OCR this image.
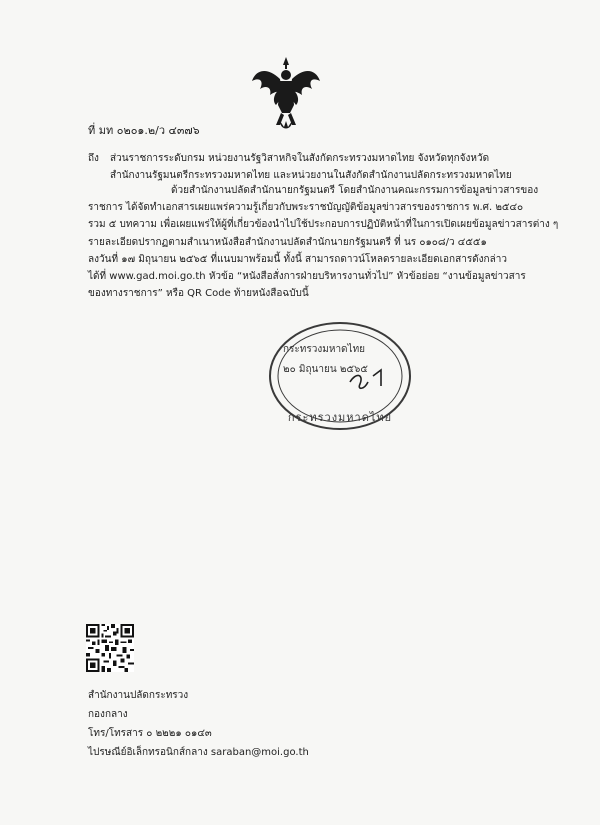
ที่ มท ๐๒๐๑.๒/ว ๔๓๗๖
ถึง ส่วนราชการระดับกรม หน่วยงานรัฐวิสาหกิจในสังกัดกระทรวงมหาดไทย จังหวัดทุกจังหวัด
สำนักงานรัฐมนตรีกระทรวงมหาดไทย และหน่วยงานในสังกัดสำนักงานปลัดกระทรวงมหาดไทย
ด้วยสำนักงานปลัดสำนักนายกรัฐมนตรี โดยสำนักงานคณะกรรมการข้อมูลข่าวสารของ
ราชการ ได้จัดทำเอกสารเผยแพร่ความรู้เกี่ยวกับพระราชบัญญัติข้อมูลข่าวสารของราชการ พ.ศ. ๒๕๔๐
รวม ๕ บทความ เพื่อเผยแพร่ให้ผู้ที่เกี่ยวข้องนำไปใช้ประกอบการปฏิบัติหน้าที่ในการเปิดเผยข้อมูลข่าวสารต่าง ๆ
รายละเอียดปรากฏตามสำเนาหนังสือสำนักงานปลัดสำนักนายกรัฐมนตรี ที่ นร ๐๑๐๘/ว ๔๕๕๑
ลงวันที่ ๑๗ มิถุนายน ๒๕๖๕ ที่แนบมาพร้อมนี้ ทั้งนี้ สามารถดาวน์โหลดรายละเอียดเอกสารดังกล่าว
ได้ที่ www.gad.moi.go.th หัวข้อ “หนังสือสั่งการฝ่ายบริหารงานทั่วไป” หัวข้อย่อย “งานข้อมูลข่าวสาร
ของทางราชการ” หรือ QR Code ท้ายหนังสือฉบับนี้
กระทรวงมหาดไทย
กระทรวงมหาดไทย
๒๐ มิถุนายน ๒๕๖๕
สำนักงานปลัดกระทรวง
กองกลาง
โทร/โทรสาร ๐ ๒๒๒๑ ๐๑๔๓
ไปรษณีย์อิเล็กทรอนิกส์กลาง saraban@moi.go.th
